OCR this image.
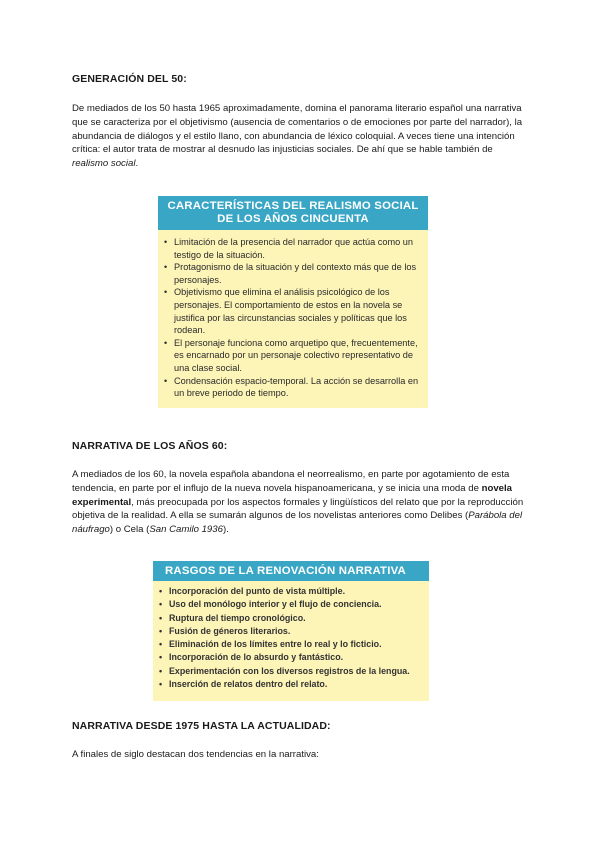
GENERACIÓN DEL 50:

De mediados de los 50 hasta 1965 aproximadamente, domina el panorama literario español una narrativa que se caracteriza por el objetivismo (ausencia de comentarios o de emociones por parte del narrador), la abundancia de diálogos y el estilo llano, con abundancia de léxico coloquial. A veces tiene una intención crítica: el autor trata de mostrar al desnudo las injusticias sociales. De ahí que se hable también de realismo social.

CARACTERÍSTICAS DEL REALISMO SOCIAL
DE LOS AÑOS CINCUENTA
• Limitación de la presencia del narrador que actúa como un testigo de la situación.
• Protagonismo de la situación y del contexto más que de los personajes.
• Objetivismo que elimina el análisis psicológico de los personajes. El comportamiento de estos en la novela se justifica por las circunstancias sociales y políticas que los rodean.
• El personaje funciona como arquetipo que, frecuentemente, es encarnado por un personaje colectivo representativo de una clase social.
• Condensación espacio-temporal. La acción se desarrolla en un breve periodo de tiempo.
NARRATIVA DE LOS AÑOS 60:

A mediados de los 60, la novela española abandona el neorrealismo, en parte por agotamiento de esta tendencia, en parte por el influjo de la nueva novela hispanoamericana, y se inicia una moda de novela experimental, más preocupada por los aspectos formales y lingüísticos del relato que por la reproducción objetiva de la realidad. A ella se sumarán algunos de los novelistas anteriores como Delibes (Parábola del náufrago) o Cela (San Camilo 1936).

RASGOS DE LA RENOVACIÓN NARRATIVA
• Incorporación del punto de vista múltiple.
• Uso del monólogo interior y el flujo de conciencia.
• Ruptura del tiempo cronológico.
• Fusión de géneros literarios.
• Eliminación de los límites entre lo real y lo ficticio.
• Incorporación de lo absurdo y fantástico.
• Experimentación con los diversos registros de la lengua.
• Inserción de relatos dentro del relato.
NARRATIVA DESDE 1975 HASTA LA ACTUALIDAD:

A finales de siglo destacan dos tendencias en la narrativa:
